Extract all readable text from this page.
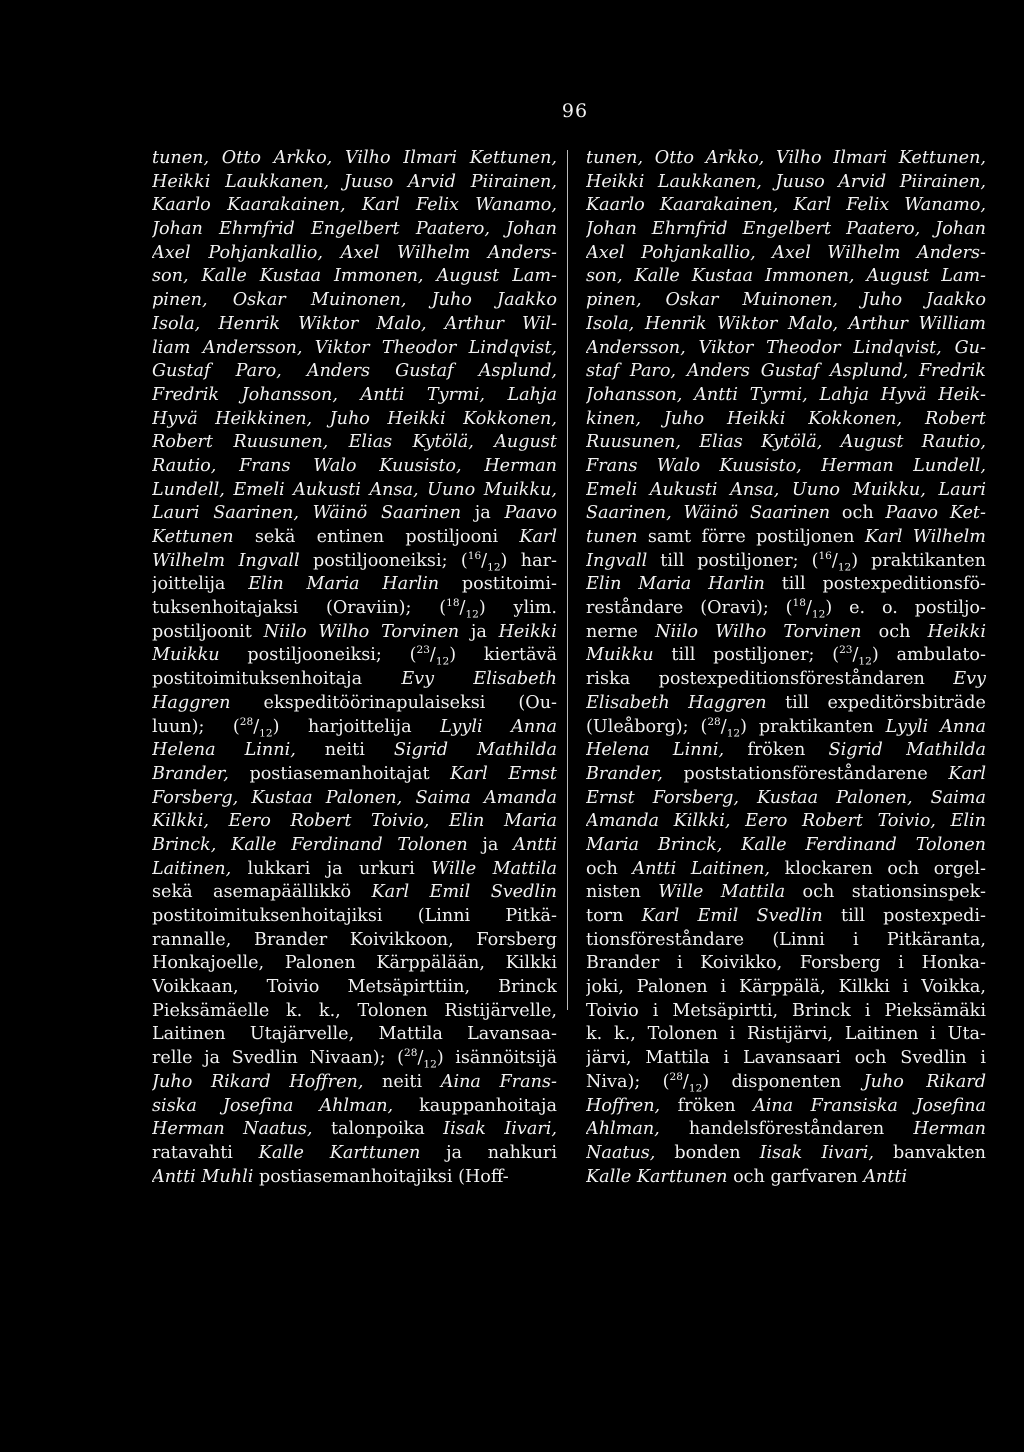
96
tunen, Otto Arkko, Vilho Ilmari Kettunen,
Heikki Laukkanen, Juuso Arvid Piirainen,
Kaarlo Kaarakainen, Karl Felix Wanamo,
Johan Ehrnfrid Engelbert Paatero, Johan
Axel Pohjankallio, Axel Wilhelm Anders-
son, Kalle Kustaa Immonen, August Lam-
pinen, Oskar Muinonen, Juho Jaakko
Isola, Henrik Wiktor Malo, Arthur Wil-
liam Andersson, Viktor Theodor Lindqvist,
Gustaf Paro, Anders Gustaf Asplund,
Fredrik Johansson, Antti Tyrmi, Lahja
Hyvä Heikkinen, Juho Heikki Kokkonen,
Robert Ruusunen, Elias Kytölä, August
Rautio, Frans Walo Kuusisto, Herman
Lundell, Emeli Aukusti Ansa, Uuno Muikku,
Lauri Saarinen, Wäinö Saarinen ja Paavo
Kettunen sekä entinen postiljooni Karl
Wilhelm Ingvall postiljooneiksi; $(^{16}/_{12})$ har-
joittelija Elin Maria Harlin postitoimi-
tuksenhoitajaksi (Oraviin); $(^{18}/_{12})$ ylim.
postiljoonit Niilo Wilho Torvinen ja Heikki
Muikku postiljooneiksi; $(^{23}/_{12})$ kiertävä
postitoimituksenhoitaja Evy Elisabeth
Haggren ekspeditöörinapulaiseksi (Ou-
luun); $(^{28}/_{12})$ harjoittelija Lyyli Anna
Helena Linni, neiti Sigrid Mathilda
Brander, postiasemanhoitajat Karl Ernst
Forsberg, Kustaa Palonen, Saima Amanda
Kilkki, Eero Robert Toivio, Elin Maria
Brinck, Kalle Ferdinand Tolonen ja Antti
Laitinen, lukkari ja urkuri Wille Mattila
sekä asemapäällikkö Karl Emil Svedlin
postitoimituksenhoitajiksi (Linni Pitkä-
rannalle, Brander Koivikkoon, Forsberg
Honkajoelle, Palonen Kärppälään, Kilkki
Voikkaan, Toivio Metsäpirttiin, Brinck
Pieksämäelle k. k., Tolonen Ristijärvelle,
Laitinen Utajärvelle, Mattila Lavansaa-
relle ja Svedlin Nivaan); $(^{28}/_{12})$ isännöitsijä
Juho Rikard Hoffren, neiti Aina Frans-
siska Josefina Ahlman, kauppanhoitaja
Herman Naatus, talonpoika Iisak Iivari,
ratavahti Kalle Karttunen ja nahkuri
Antti
Muhli
postiasemanhoitajiksi
(Hoff-

tunen, Otto Arkko, Vilho Ilmari Kettunen,
Heikki Laukkanen, Juuso Arvid Piirainen,
Kaarlo Kaarakainen, Karl Felix Wanamo,
Johan Ehrnfrid Engelbert Paatero, Johan
Axel Pohjankallio, Axel Wilhelm Anders-
son, Kalle Kustaa Immonen, August Lam-
pinen, Oskar Muinonen, Juho Jaakko
Isola, Henrik Wiktor Malo, Arthur William
Andersson, Viktor Theodor Lindqvist, Gu-
staf Paro, Anders Gustaf Asplund, Fredrik
Johansson, Antti Tyrmi, Lahja Hyvä Heik-
kinen, Juho Heikki Kokkonen, Robert
Ruusunen, Elias Kytölä, August Rautio,
Frans Walo Kuusisto, Herman Lundell,
Emeli Aukusti Ansa, Uuno Muikku, Lauri
Saarinen, Wäinö Saarinen och Paavo Ket-
tunen samt förre postiljonen Karl Wilhelm
Ingvall till postiljoner; $(^{16}/_{12})$ praktikanten
Elin Maria Harlin till postexpeditionsfö-
reståndare (Oravi); $(^{18}/_{12})$ e. o. postiljo-
nerne Niilo Wilho Torvinen och Heikki
Muikku till postiljoner; $(^{23}/_{12})$ ambulato-
riska postexpeditionsföreståndaren Evy
Elisabeth Haggren till expeditörsbiträde
(Uleåborg); $(^{28}/_{12})$ praktikanten Lyyli Anna
Helena Linni, fröken Sigrid Mathilda
Brander, poststationsföreståndarene Karl
Ernst Forsberg, Kustaa Palonen, Saima
Amanda Kilkki, Eero Robert Toivio, Elin
Maria Brinck, Kalle Ferdinand Tolonen
och Antti Laitinen, klockaren och orgel-
nisten Wille Mattila och stationsinspek-
torn Karl Emil Svedlin till postexpedi-
tionsföreståndare (Linni i Pitkäranta,
Brander i Koivikko, Forsberg i Honka-
joki, Palonen i Kärppälä, Kilkki i Voikka,
Toivio i Metsäpirtti, Brinck i Pieksämäki
k. k., Tolonen i Ristijärvi, Laitinen i Uta-
järvi, Mattila i Lavansaari och Svedlin i
Niva); $(^{28}/_{12})$ disponenten Juho Rikard
Hoffren, fröken Aina Fransiska Josefina
Ahlman, handelsföreståndaren Herman
Naatus, bonden Iisak Iivari, banvakten
Kalle
Karttunen
och
garfvaren
Antti
